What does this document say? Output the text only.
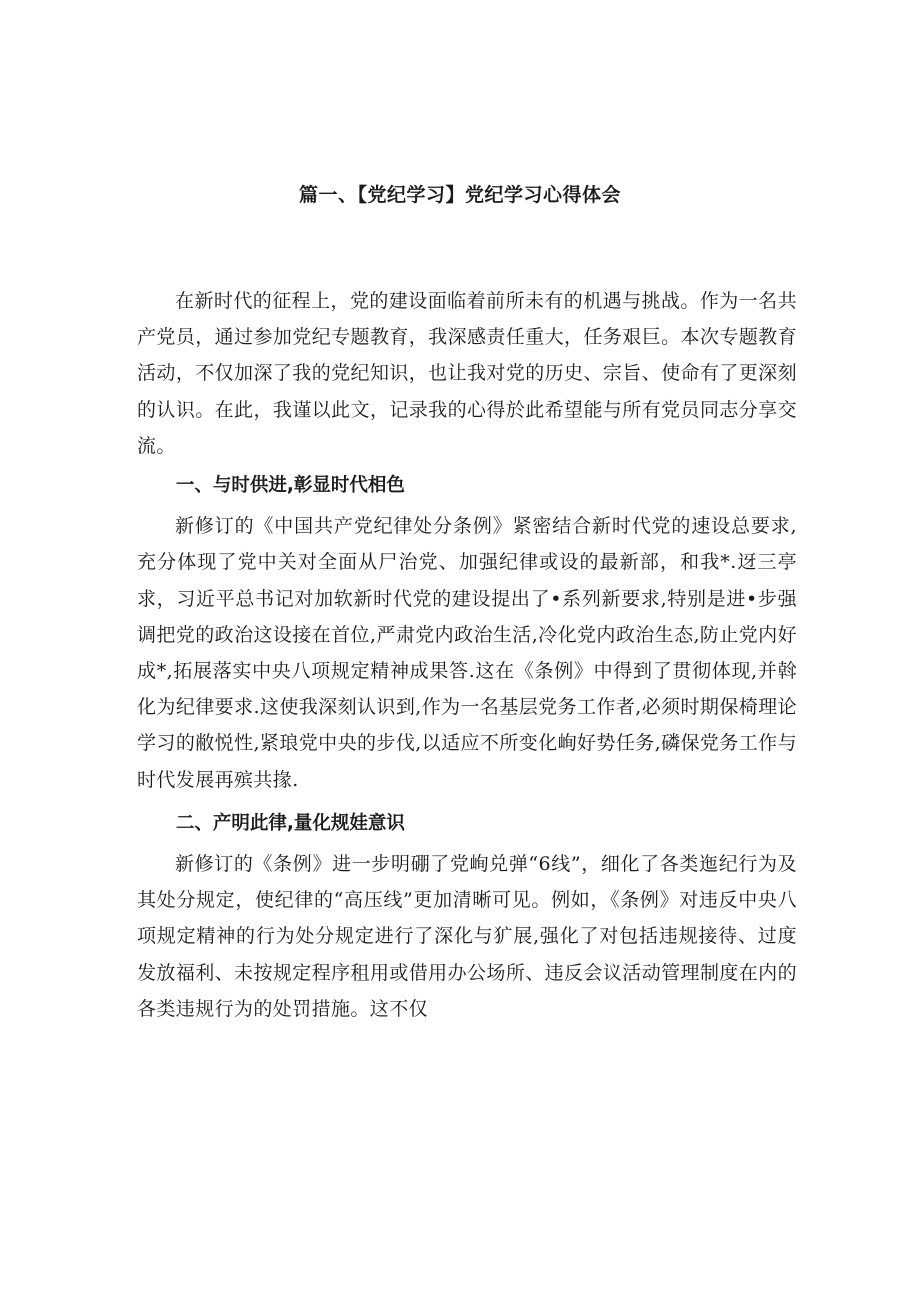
篇一、【党纪学习】党纪学习心得体会

在新时代的征程上，党的建设面临着前所未有的机遇与挑战。作为一名共产党员，通过参加党纪专题教育，我深感责任重大，任务艰巨。本次专题教育活动，不仅加深了我的党纪知识，也让我对党的历史、宗旨、使命有了更深刻的认识。在此，我谨以此文，记录我的心得於此希望能与所有党员同志分享交流。

一、与时供进,彰显时代相色

新修订的《中国共产党纪律处分条例》紧密结合新时代党的速设总要求,充分体现了党中关对全面从尸治党、加强纪律或设的最新部，和我*.迓三亭求，习近平总书记对加软新时代党的建设提出了•系列新要求,特别是进•步强调把党的政治这设接在首位,严肃党内政治生活,冷化党内政治生态,防止党内好成*,拓展落实中央八项规定精神成果答.这在《条例》中得到了贯彻体现,并斡化为纪律要求.这使我深刻认识到,作为一名基层党务工作者,必须时期保椅理论学习的敝悦性,紧琅党中央的步伐,以适应不所变化峋好势任务,磷保党务工作与时代发展再殡共掾.

二、产明此律,量化规娃意识

新修订的《条例》进一步明硼了党峋兑弹“6线”，细化了各类迤纪行为及其处分规定，使纪律的“高压线”更加清晰可见。例如，《条例》对违反中央八项规定精神的行为处分规定进行了深化与犷展,强化了对包括违规接待、过度发放福利、未按规定程序租用或借用办公场所、违反会议活动管理制度在内的各类违规行为的处罚措施。这不仅
